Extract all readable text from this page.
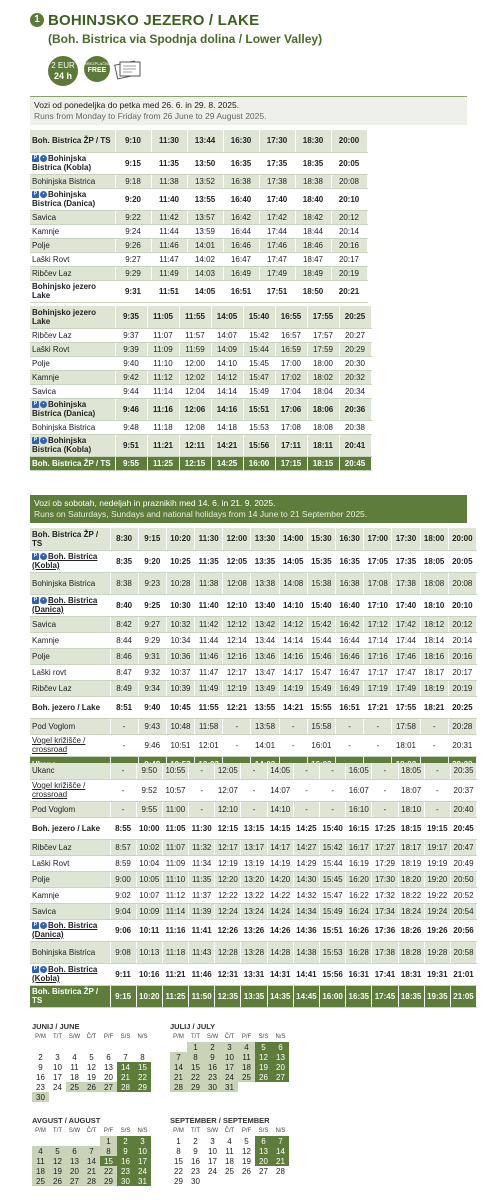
1 BOHINJSKO JEZERO / LAKE
(Boh. Bistrica via Spodnja dolina / Lower Valley)
2 EUR
24 h
BREZPLAČNO
FREE
Vozi od ponedeljka do petka med 26. 6. in 29. 8. 2025.
Runs from Monday to Friday from 26 June to 29 August 2025.
Boh. Bistrica ŽP / TS	9:10	11:30	13:44	16:30	17:30	18:30	20:00
P ▪ Bohinjska Bistrica (Kobla)	9:15	11:35	13:50	16:35	17:35	18:35	20:05
Bohinjska Bistrica	9:18	11:38	13:52	16:38	17:38	18:38	20:08
P ▪ Bohinjska Bistrica (Danica)	9:20	11:40	13:55	16:40	17:40	18:40	20:10
Savica	9:22	11:42	13:57	16:42	17:42	18:42	20:12
Kamnje	9:24	11:44	13:59	16:44	17:44	18:44	20:14
Polje	9:26	11:46	14:01	16:46	17:46	18:46	20:16
Laški Rovt	9:27	11:47	14:02	16:47	17:47	18:47	20:17
Ribčev Laz	9:29	11:49	14:03	16:49	17:49	18:49	20:19
Bohinjsko jezero Lake	9:31	11:51	14:05	16:51	17:51	18:50	20:21
Bohinjsko jezero Lake	9:35	11:05	11:55	14:05	15:40	16:55	17:55	20:25
Ribčev Laz	9:37	11:07	11:57	14:07	15:42	16:57	17:57	20:27
Laški Rovt	9:39	11:09	11:59	14:09	15:44	16:59	17:59	20:29
Polje	9:40	11:10	12:00	14:10	15:45	17:00	18:00	20:30
Kamnje	9:42	11:12	12:02	14:12	15:47	17:02	18:02	20:32
Savica	9:44	11:14	12:04	14:14	15:49	17:04	18:04	20:34
P ▪ Bohinjska Bistrica (Danica)	9:46	11:16	12:06	14:16	15:51	17:06	18:06	20:36
Bohinjska Bistrica	9:48	11:18	12:08	14:18	15:53	17:08	18:08	20:38
P ▪ Bohinjska Bistrica (Kobla)	9:51	11:21	12:11	14:21	15:56	17:11	18:11	20:41
Boh. Bistrica ŽP / TS	9:55	11:25	12:15	14:25	16:00	17:15	18:15	20:45
Vozi ob sobotah, nedeljah in praznikih med 14. 6. in 21. 9. 2025.
Runs on Saturdays, Sundays and national holidays from 14 June to 21 September 2025.
Boh. Bistrica ŽP / TS	8:30	9:15	10:20	11:30	12:00	13:30	14:00	15:30	16:30	17:00	17:30	18:00	20:00
P ▪ Boh. Bistrica (Kobla)	8:35	9:20	10:25	11:35	12:05	13:35	14:05	15:35	16:35	17:05	17:35	18:05	20:05
Bohinjska Bistrica	8:38	9:23	10:28	11:38	12:08	13:38	14:08	15:38	16:38	17:08	17:38	18:08	20:08
P ▪ Boh. Bistrica (Danica)	8:40	9:25	10:30	11:40	12:10	13:40	14:10	15:40	16:40	17:10	17:40	18:10	20:10
Savica	8:42	9:27	10:32	11:42	12:12	13:42	14:12	15:42	16:42	17:12	17:42	18:12	20:12
Kamnje	8:44	9:29	10:34	11:44	12:14	13:44	14:14	15:44	16:44	17:14	17:44	18:14	20:14
Polje	8:46	9:31	10:36	11:46	12:16	13:46	14:16	15:46	16:46	17:16	17:46	18:16	20:16
Laški rovt	8:47	9:32	10:37	11:47	12:17	13:47	14:17	15:47	16:47	17:17	17:47	18:17	20:17
Ribčev Laz	8:49	9:34	10:39	11:49	12:19	13:49	14:19	15:49	16:49	17:19	17:49	18:19	20:19
Boh. jezero / Lake	8:51	9:40	10:45	11:55	12:21	13:55	14:21	15:55	16:51	17:21	17:55	18:21	20:25
Pod Voglom	-	9:43	10:48	11:58	-	13:58	-	15:58	-	-	17:58	-	20:28
Vogel križišče / crossroad	-	9:46	10:51	12:01	-	14:01	-	16:01	-	-	18:01	-	20:31

Ukanc	-	9:50	10:55	-	12:05	-	14:05	-	-	16:05	-	18:05	-	20:35
Vogel križišče / crossroad	-	9:52	10:57	-	12:07	-	14:07	-	-	16:07	-	18:07	-	20:37
Pod Voglom	-	9:55	11:00	-	12:10	-	14:10	-	-	16:10	-	18:10	-	20:40
Boh. jezero / Lake	8:55	10:00	11:05	11:30	12:15	13:15	14:15	14:25	15:40	16:15	17:25	18:15	19:15	20:45
Ribčev Laz	8:57	10:02	11:07	11:32	12:17	13:17	14:17	14:27	15:42	16:17	17:27	18:17	19:17	20:47
Laški Rovt	8:59	10:04	11:09	11:34	12:19	13:19	14:19	14:29	15:44	16:19	17:29	18:19	19:19	20:49
Polje	9:00	10:05	11:10	11:35	12:20	13:20	14:20	14:30	15:45	16:20	17:30	18:20	19:20	20:50
Kamnje	9:02	10:07	11:12	11:37	12:22	13:22	14:22	14:32	15:47	16:22	17:32	18:22	19:22	20:52
Savica	9:04	10:09	11:14	11:39	12:24	13:24	14:24	14:34	15:49	16:24	17:34	18:24	19:24	20:54
P ▪ Boh. Bistrica (Danica)	9:06	10:11	11:16	11:41	12:26	13:26	14:26	14:36	15:51	16:26	17:36	18:26	19:26	20:56
Bohinjska Bistrica	9:08	10:13	11:18	11:43	12:28	13:28	14:28	14:38	15:53	16:28	17:38	18:28	19:28	20:58
P ▪ Boh. Bistrica (Kobla)	9:11	10:16	11:21	11:46	12:31	13:31	14:31	14:41	15:56	16:31	17:41	18:31	19:31	21:01
Boh. Bistrica ŽP / TS	9:15	10:20	11:25	11:50	12:35	13:35	14:35	14:45	16:00	16:35	17:45	18:35	19:35	21:05
JUNIJ / JUNE
P/M	T/T	S/W	Č/T	P/F	S/S	N/S

2	3	4	5	6	7	8
9	10	11	12	13	14	15
16	17	18	19	20	21	22
23	24	25	26	27	28	29
30						
JULIJ / JULY
P/M	T/T	S/W	Č/T	P/F	S/S	N/S
	1	2	3	4	5	6
7	8	9	10	11	12	13
14	15	16	17	18	19	20
21	22	23	24	25	26	27
28	29	30	31			
AVGUST / AUGUST
P/M	T/T	S/W	Č/T	P/F	S/S	N/S
				1	2	3
4	5	6	7	8	9	10
11	12	13	14	15	16	17
18	19	20	21	22	23	24
25	26	27	28	29	30	31
SEPTEMBER / SEPTEMBER
P/M	T/T	S/W	Č/T	P/F	S/S	N/S
1	2	3	4	5	6	7
8	9	10	11	12	13	14
15	16	17	18	19	20	21
22	23	24	25	26	27	28
29	30					
